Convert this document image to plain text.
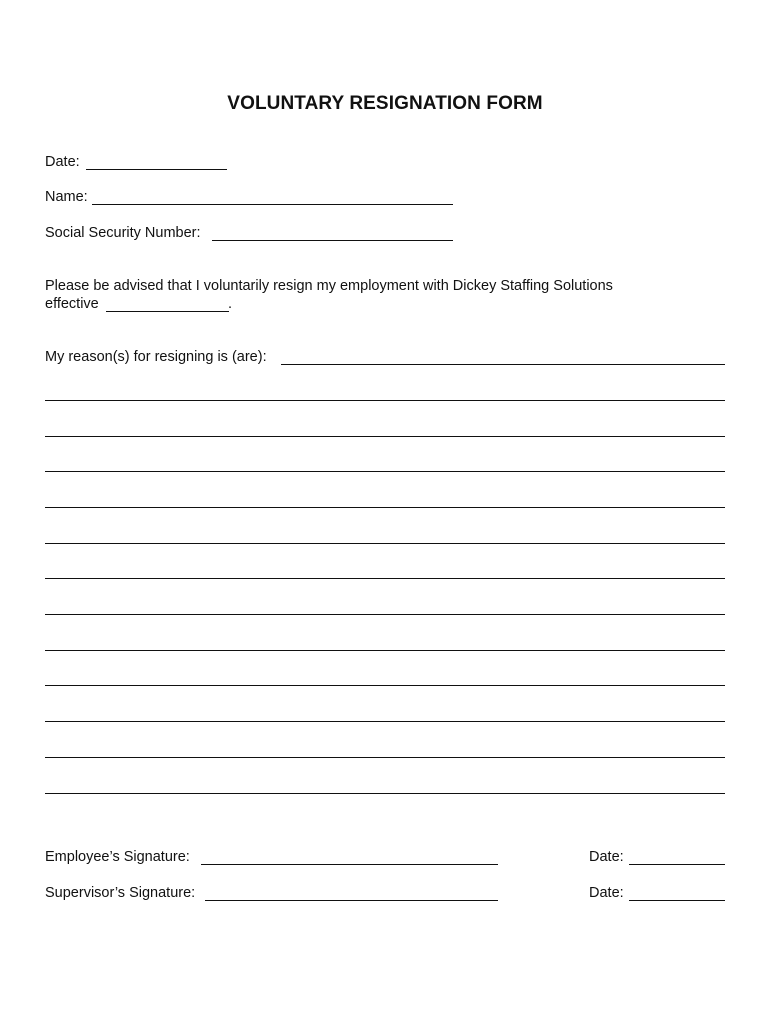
VOLUNTARY RESIGNATION FORM
Date:
Name:
Social Security Number:
Please be advised that I voluntarily resign my employment with Dickey Staffing Solutions
effective	.
My reason(s) for resigning is (are):
Employee’s Signature:	Date:
Supervisor’s Signature:	Date:
